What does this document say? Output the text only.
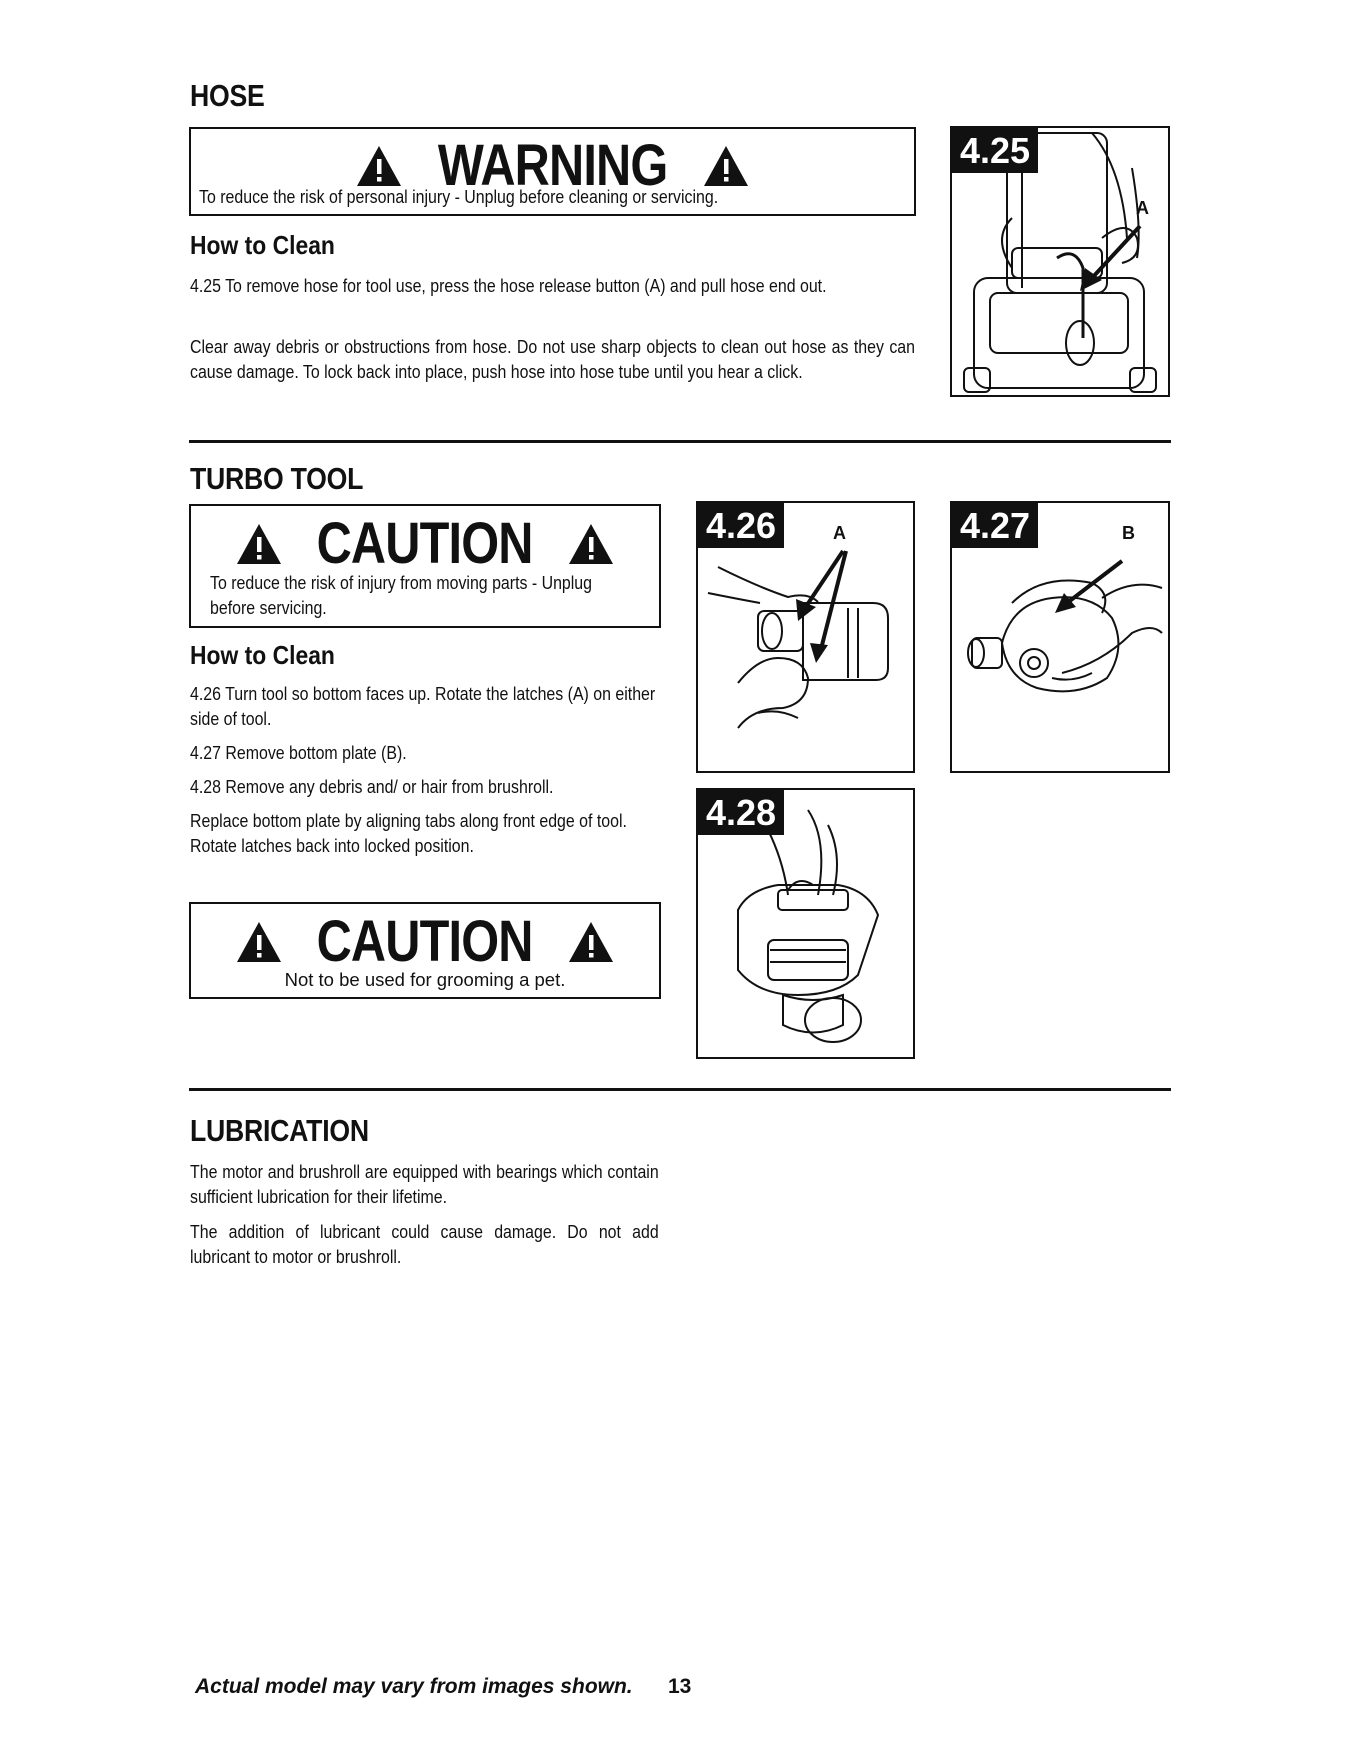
HOSE
WARNING

To reduce the risk of personal injury - Unplug before cleaning or servicing.

How to Clean

4.25 To remove hose for tool use, press the hose release button (A) and pull hose end out.

Clear away debris or obstructions from hose. Do not use sharp objects to clean out hose as they can cause damage. To lock back into place, push hose into hose tube until you hear a click.

4.25
A
TURBO TOOL
CAUTION

To reduce the risk of injury from moving parts - Unplug before servicing.

How to Clean

4.26 Turn tool so bottom faces up. Rotate the latches (A) on either side of tool.

4.27 Remove bottom plate (B).

4.28 Remove any debris and/ or hair from brushroll.

Replace bottom plate by aligning tabs along front edge of tool. Rotate latches back into locked position.

CAUTION

Not to be used for grooming a pet.

4.26	A	4.27	B
4.28
LUBRICATION

The motor and brushroll are equipped with bearings which contain sufficient lubrication for their lifetime.

The addition of lubricant could cause damage. Do not add lubricant to motor or brushroll.

Actual model may vary from images shown. 13
